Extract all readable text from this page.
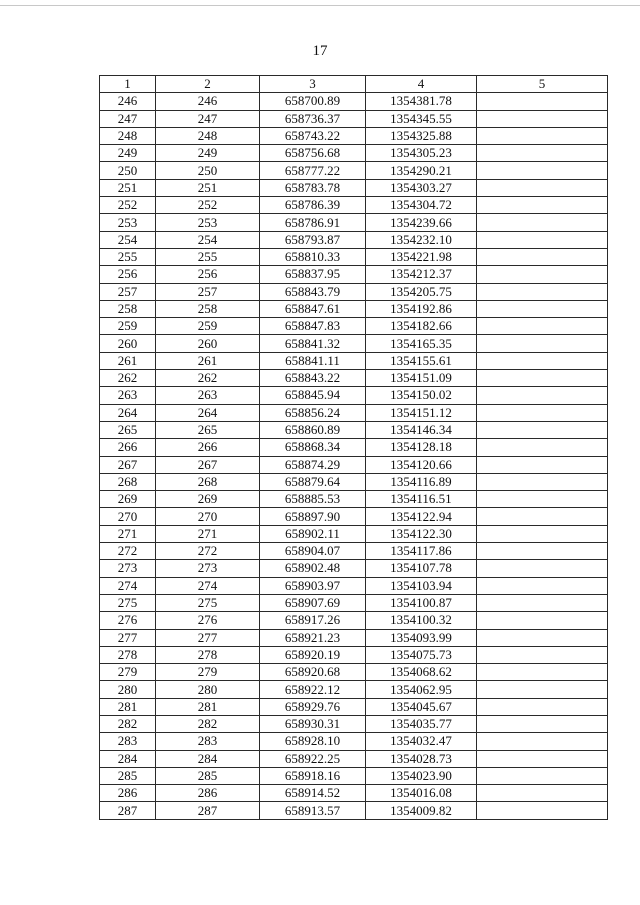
17
1	2	3	4	5
246	246	658700.89	1354381.78	
247	247	658736.37	1354345.55	
248	248	658743.22	1354325.88	
249	249	658756.68	1354305.23	
250	250	658777.22	1354290.21	
251	251	658783.78	1354303.27	
252	252	658786.39	1354304.72	
253	253	658786.91	1354239.66	
254	254	658793.87	1354232.10	
255	255	658810.33	1354221.98	
256	256	658837.95	1354212.37	
257	257	658843.79	1354205.75	
258	258	658847.61	1354192.86	
259	259	658847.83	1354182.66	
260	260	658841.32	1354165.35	
261	261	658841.11	1354155.61	
262	262	658843.22	1354151.09	
263	263	658845.94	1354150.02	
264	264	658856.24	1354151.12	
265	265	658860.89	1354146.34	
266	266	658868.34	1354128.18	
267	267	658874.29	1354120.66	
268	268	658879.64	1354116.89	
269	269	658885.53	1354116.51	
270	270	658897.90	1354122.94	
271	271	658902.11	1354122.30	
272	272	658904.07	1354117.86	
273	273	658902.48	1354107.78	
274	274	658903.97	1354103.94	
275	275	658907.69	1354100.87	
276	276	658917.26	1354100.32	
277	277	658921.23	1354093.99	
278	278	658920.19	1354075.73	
279	279	658920.68	1354068.62	
280	280	658922.12	1354062.95	
281	281	658929.76	1354045.67	
282	282	658930.31	1354035.77	
283	283	658928.10	1354032.47	
284	284	658922.25	1354028.73	
285	285	658918.16	1354023.90	
286	286	658914.52	1354016.08	
287	287	658913.57	1354009.82	
